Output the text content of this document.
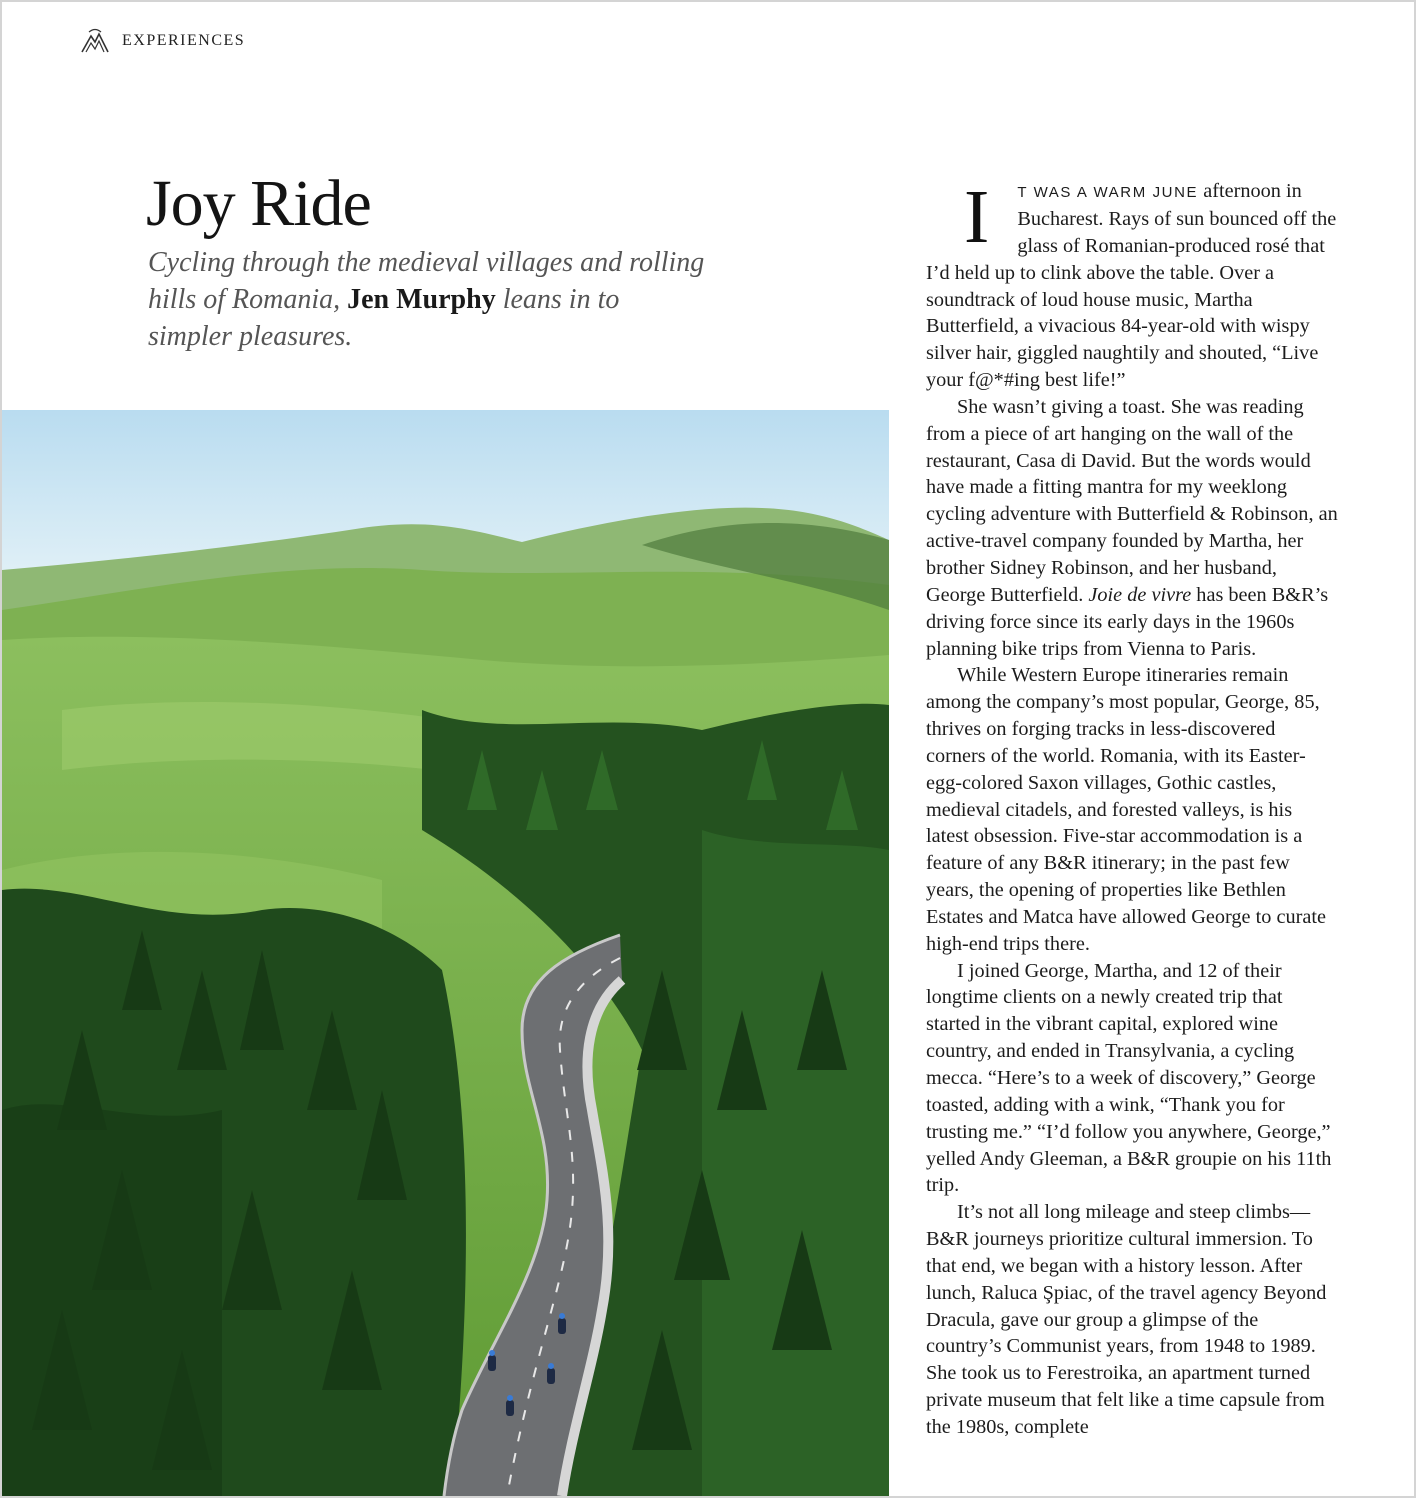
EXPERIENCES
Joy Ride

Cycling through the medieval villages and rolling hills of Romania, Jen Murphy leans in to simpler pleasures.

I T WAS A WARM JUNE afternoon in Bucharest. Rays of sun bounced off the glass of Romanian-produced rosé that I’d held up to clink above the table. Over a soundtrack of loud house music, Martha Butterfield, a vivacious 84-year-old with wispy silver hair, giggled naughtily and shouted, “Live your f@*#ing best life!”

She wasn’t giving a toast. She was reading from a piece of art hanging on the wall of the restaurant, Casa di David. But the words would have made a fitting mantra for my weeklong cycling adventure with Butterfield & Robinson, an active-travel company founded by Martha, her brother Sidney Robinson, and her husband, George Butterfield. Joie de vivre has been B&R’s driving force since its early days in the 1960s planning bike trips from Vienna to Paris.

While Western Europe itineraries remain among the company’s most popular, George, 85, thrives on forging tracks in less-discovered corners of the world. Romania, with its Easter-egg-colored Saxon villages, Gothic castles, medieval citadels, and forested valleys, is his latest obsession. Five-star accommodation is a feature of any B&R itinerary; in the past few years, the opening of properties like Bethlen Estates and Matca have allowed George to curate high-end trips there.

I joined George, Martha, and 12 of their longtime clients on a newly created trip that started in the vibrant capital, explored wine country, and ended in Transylvania, a cycling mecca. “Here’s to a week of discovery,” George toasted, adding with a wink, “Thank you for trusting me.” “I’d follow you anywhere, George,” yelled Andy Gleeman, a B&R groupie on his 11th trip.

It’s not all long mileage and steep climbs—B&R journeys prioritize cultural immersion. To that end, we began with a history lesson. After lunch, Raluca Şpiac, of the travel agency Beyond Dracula, gave our group a glimpse of the country’s Communist years, from 1948 to 1989. She took us to Ferestroika, an apartment turned private museum that felt like a time capsule from the 1980s, complete
